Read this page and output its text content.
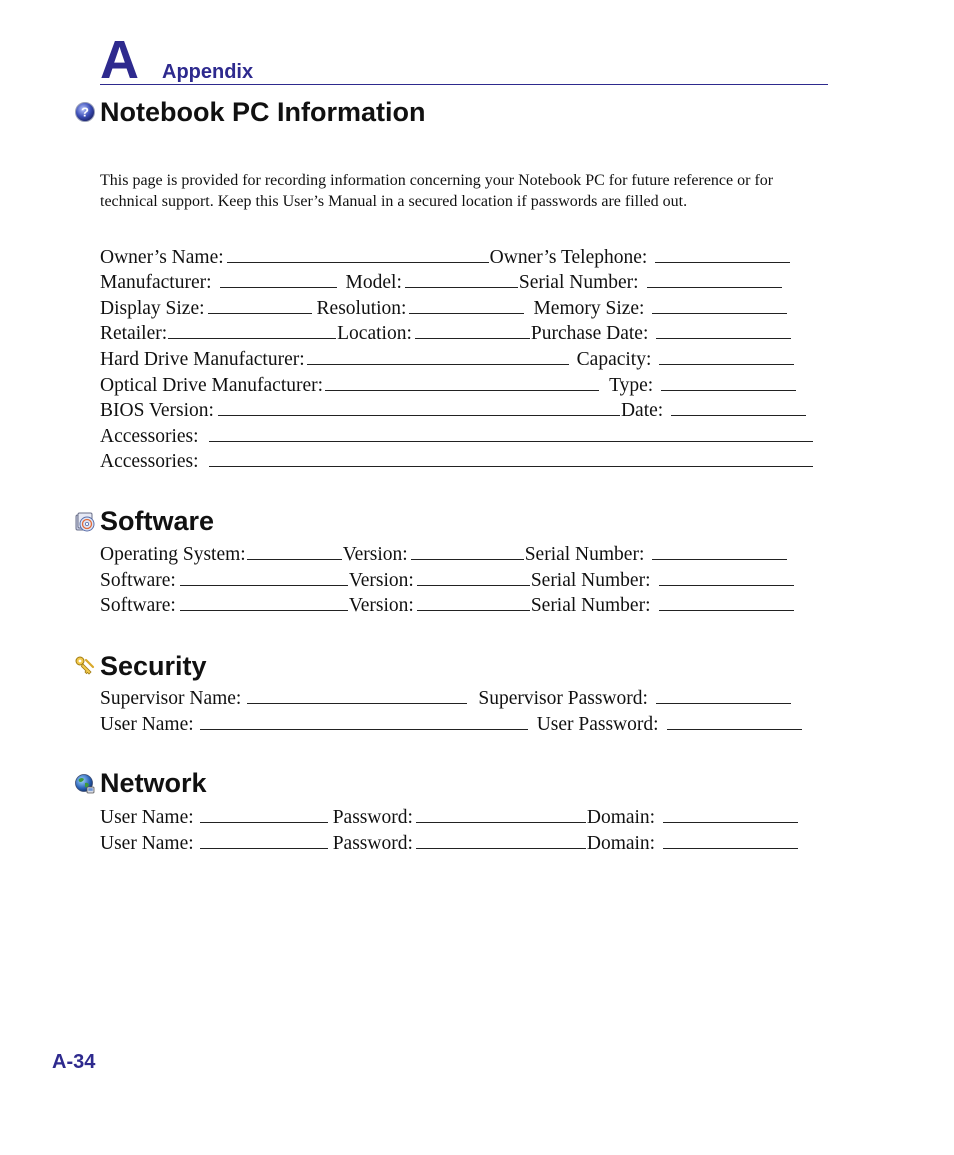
A Appendix
? Notebook PC Information
This page is provided for recording information concerning your Notebook PC for future reference or for technical support. Keep this User’s Manual in a secured location if passwords are filled out.
Owner’s Name:	Owner’s Telephone:
Manufacturer:	Model:	Serial Number:
Display Size:	Resolution:	Memory Size:
Retailer:	Location:	Purchase Date:
Hard Drive Manufacturer:	Capacity:
Optical Drive Manufacturer:	Type:
BIOS Version:	Date:
Accessories:
Accessories:
Software
Operating System:	Version:	Serial Number:
Software:	Version:	Serial Number:
Software:	Version:	Serial Number:
Security
Supervisor Name:	Supervisor Password:
User Name:	User Password:
Network
User Name:	Password:	Domain:
User Name:	Password:	Domain:
A-34
